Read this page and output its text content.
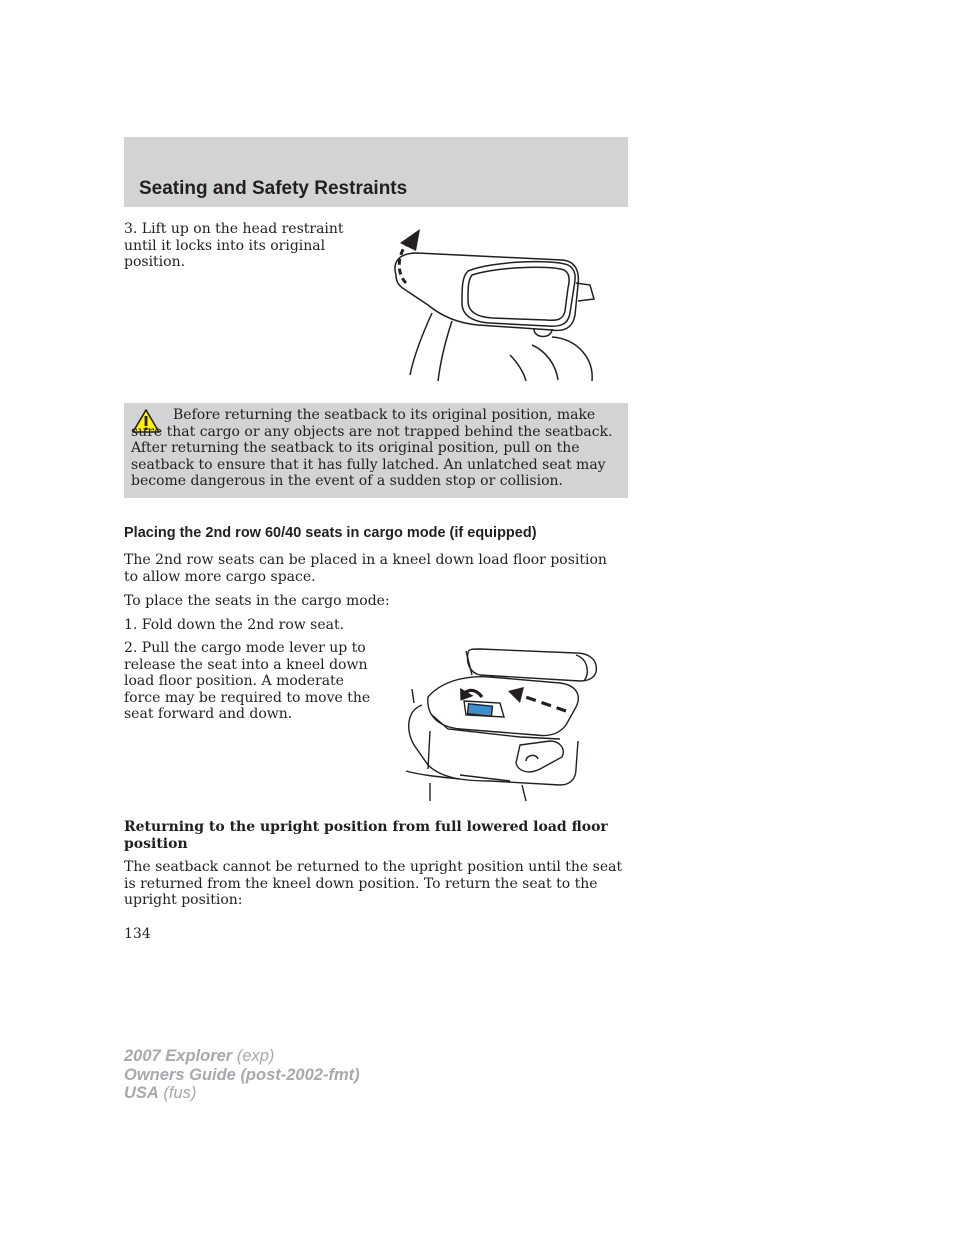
Seating and Safety Restraints
3. Lift up on the head restraint until it locks into its original position.
Before returning the seatback to its original position, make sure that cargo or any objects are not trapped behind the seatback. After returning the seatback to its original position, pull on the seatback to ensure that it has fully latched. An unlatched seat may become dangerous in the event of a sudden stop or collision.
Placing the 2nd row 60/40 seats in cargo mode (if equipped)
The 2nd row seats can be placed in a kneel down load floor position to allow more cargo space.
To place the seats in the cargo mode:
1. Fold down the 2nd row seat.
2. Pull the cargo mode lever up to release the seat into a kneel down load floor position. A moderate force may be required to move the seat forward and down.
Returning to the upright position from full lowered load floor position
The seatback cannot be returned to the upright position until the seat is returned from the kneel down position. To return the seat to the upright position:
134
2007 Explorer (exp)
Owners Guide (post-2002-fmt)
USA (fus)
